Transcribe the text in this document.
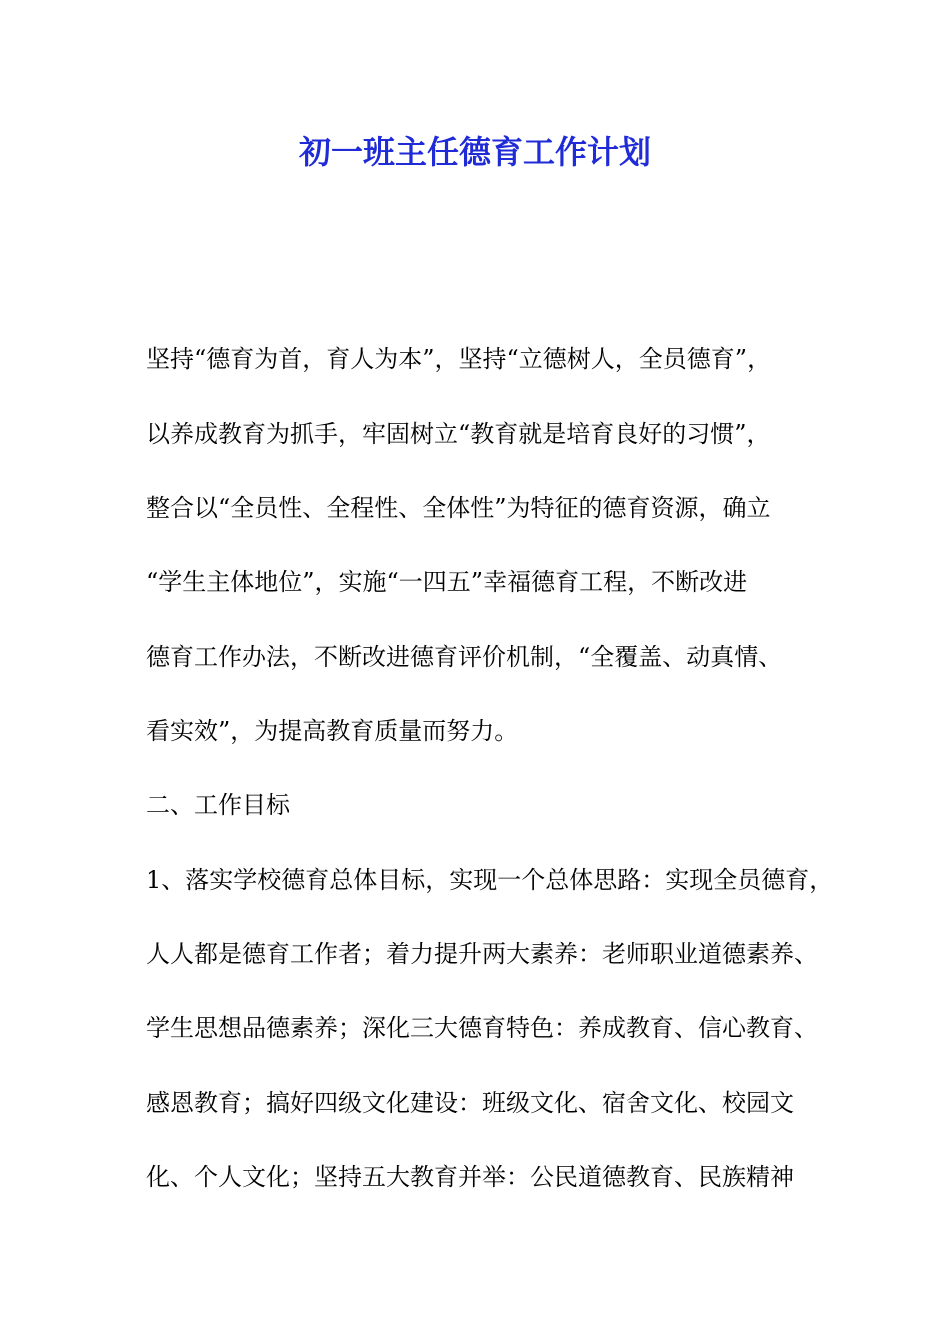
初一班主任德育工作计划

坚持“德育为首，育人为本”，坚持“立德树人，全员德育”，

以养成教育为抓手，牢固树立“教育就是培育良好的习惯”，

整合以“全员性、全程性、全体性”为特征的德育资源，确立

“学生主体地位”，实施“一四五”幸福德育工程，不断改进

德育工作办法，不断改进德育评价机制，“全覆盖、动真情、

看实效”，为提高教育质量而努力。

二、工作目标

1、落实学校德育总体目标，实现一个总体思路：实现全员德育，

人人都是德育工作者；着力提升两大素养：老师职业道德素养、

学生思想品德素养；深化三大德育特色：养成教育、信心教育、

感恩教育；搞好四级文化建设：班级文化、宿舍文化、校园文

化、个人文化；坚持五大教育并举：公民道德教育、民族精神
